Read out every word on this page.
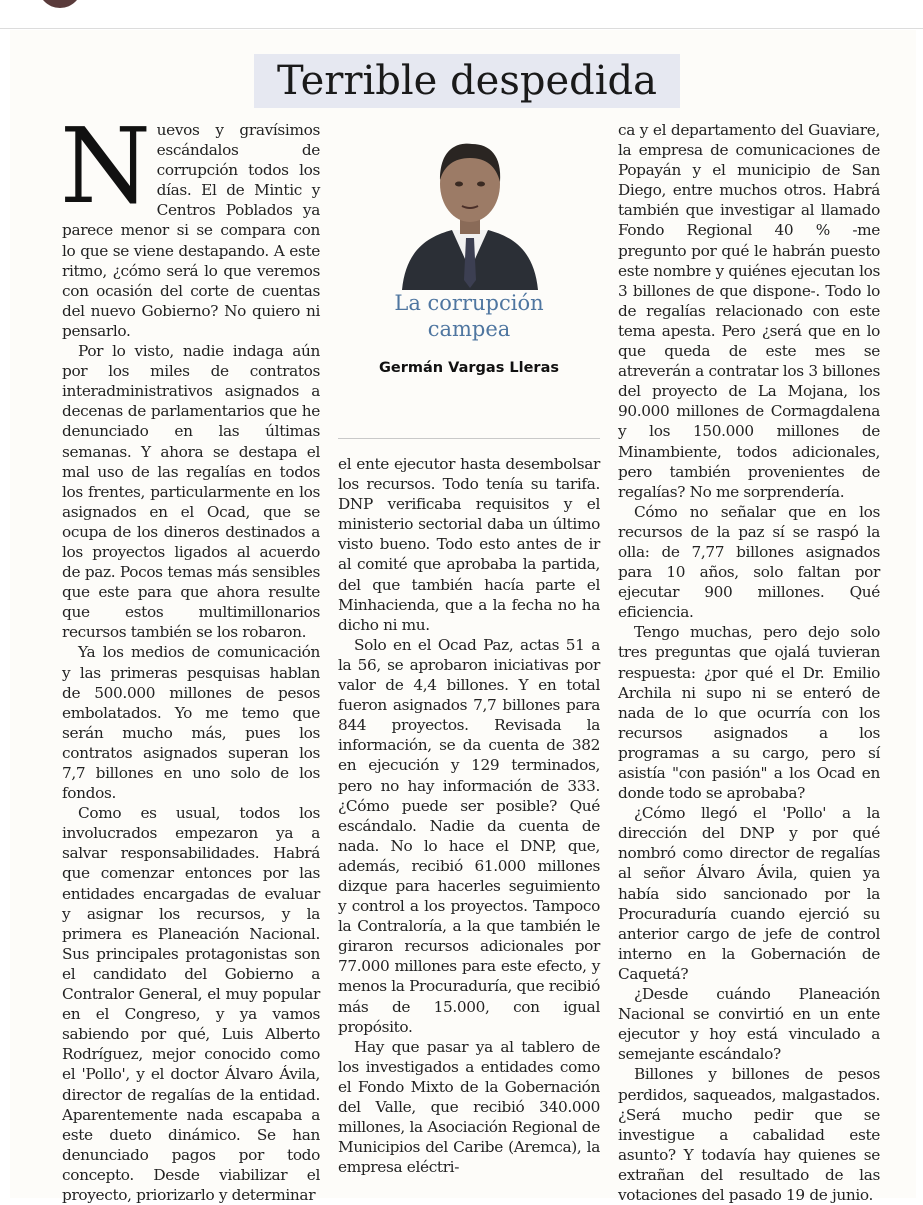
Terrible despedida

Nuevos y gravísimos escándalos de corrupción todos los días. El de Mintic y Centros Poblados ya parece menor si se compara con lo que se viene destapando. A este ritmo, ¿cómo será lo que veremos con ocasión del corte de cuentas del nuevo Gobierno? No quiero ni pensarlo.

Por lo visto, nadie indaga aún por los miles de contratos interadministrativos asignados a decenas de parlamentarios que he denunciado en las últimas semanas. Y ahora se destapa el mal uso de las regalías en todos los frentes, particularmente en los asignados en el Ocad, que se ocupa de los dineros destinados a los proyectos ligados al acuerdo de paz. Pocos temas más sensibles que este para que ahora resulte que estos multimillonarios recursos también se los robaron.

Ya los medios de comunicación y las primeras pesquisas hablan de 500.000 millones de pesos embolatados. Yo me temo que serán mucho más, pues los contratos asignados superan los 7,7 billones en uno solo de los fondos.

Como es usual, todos los involucrados empezaron ya a salvar responsabilidades. Habrá que comenzar entonces por las entidades encargadas de evaluar y asignar los recursos, y la primera es Planeación Nacional. Sus principales protagonistas son el candidato del Gobierno a Contralor General, el muy popular en el Congreso, y ya vamos sabiendo por qué, Luis Alberto Rodríguez, mejor conocido como el 'Pollo', y el doctor Álvaro Ávila, director de regalías de la entidad. Aparentemente nada escapaba a este dueto dinámico. Se han denunciado pagos por todo concepto. Desde viabilizar el proyecto, priorizarlo y determinar

La corrupción campea
Germán Vargas Lleras

el ente ejecutor hasta desembolsar los recursos. Todo tenía su tarifa. DNP verificaba requisitos y el ministerio sectorial daba un último visto bueno. Todo esto antes de ir al comité que aprobaba la partida, del que también hacía parte el Minhacienda, que a la fecha no ha dicho ni mu.

Solo en el Ocad Paz, actas 51 a la 56, se aprobaron iniciativas por valor de 4,4 billones. Y en total fueron asignados 7,7 billones para 844 proyectos. Revisada la información, se da cuenta de 382 en ejecución y 129 terminados, pero no hay información de 333. ¿Cómo puede ser posible? Qué escándalo. Nadie da cuenta de nada. No lo hace el DNP, que, además, recibió 61.000 millones dizque para hacerles seguimiento y control a los proyectos. Tampoco la Contraloría, a la que también le giraron recursos adicionales por 77.000 millones para este efecto, y menos la Procuraduría, que recibió más de 15.000, con igual propósito.

Hay que pasar ya al tablero de los investigados a entidades como el Fondo Mixto de la Gobernación del Valle, que recibió 340.000 millones, la Asociación Regional de Municipios del Caribe (Aremca), la empresa eléctri-

ca y el departamento del Guaviare, la empresa de comunicaciones de Popayán y el municipio de San Diego, entre muchos otros. Habrá también que investigar al llamado Fondo Regional 40 % -me pregunto por qué le habrán puesto este nombre y quiénes ejecutan los 3 billones de que dispone-. Todo lo de regalías relacionado con este tema apesta. Pero ¿será que en lo que queda de este mes se atreverán a contratar los 3 billones del proyecto de La Mojana, los 90.000 millones de Cormagdalena y los 150.000 millones de Minambiente, todos adicionales, pero también provenientes de regalías? No me sorprendería.

Cómo no señalar que en los recursos de la paz sí se raspó la olla: de 7,77 billones asignados para 10 años, solo faltan por ejecutar 900 millones. Qué eficiencia.

Tengo muchas, pero dejo solo tres preguntas que ojalá tuvieran respuesta: ¿por qué el Dr. Emilio Archila ni supo ni se enteró de nada de lo que ocurría con los recursos asignados a los programas a su cargo, pero sí asistía "con pasión" a los Ocad en donde todo se aprobaba?

¿Cómo llegó el 'Pollo' a la dirección del DNP y por qué nombró como director de regalías al señor Álvaro Ávila, quien ya había sido sancionado por la Procuraduría cuando ejerció su anterior cargo de jefe de control interno en la Gobernación de Caquetá?

¿Desde cuándo Planeación Nacional se convirtió en un ente ejecutor y hoy está vinculado a semejante escándalo?

Billones y billones de pesos perdidos, saqueados, malgastados. ¿Será mucho pedir que se investigue a cabalidad este asunto? Y todavía hay quienes se extrañan del resultado de las votaciones del pasado 19 de junio.
